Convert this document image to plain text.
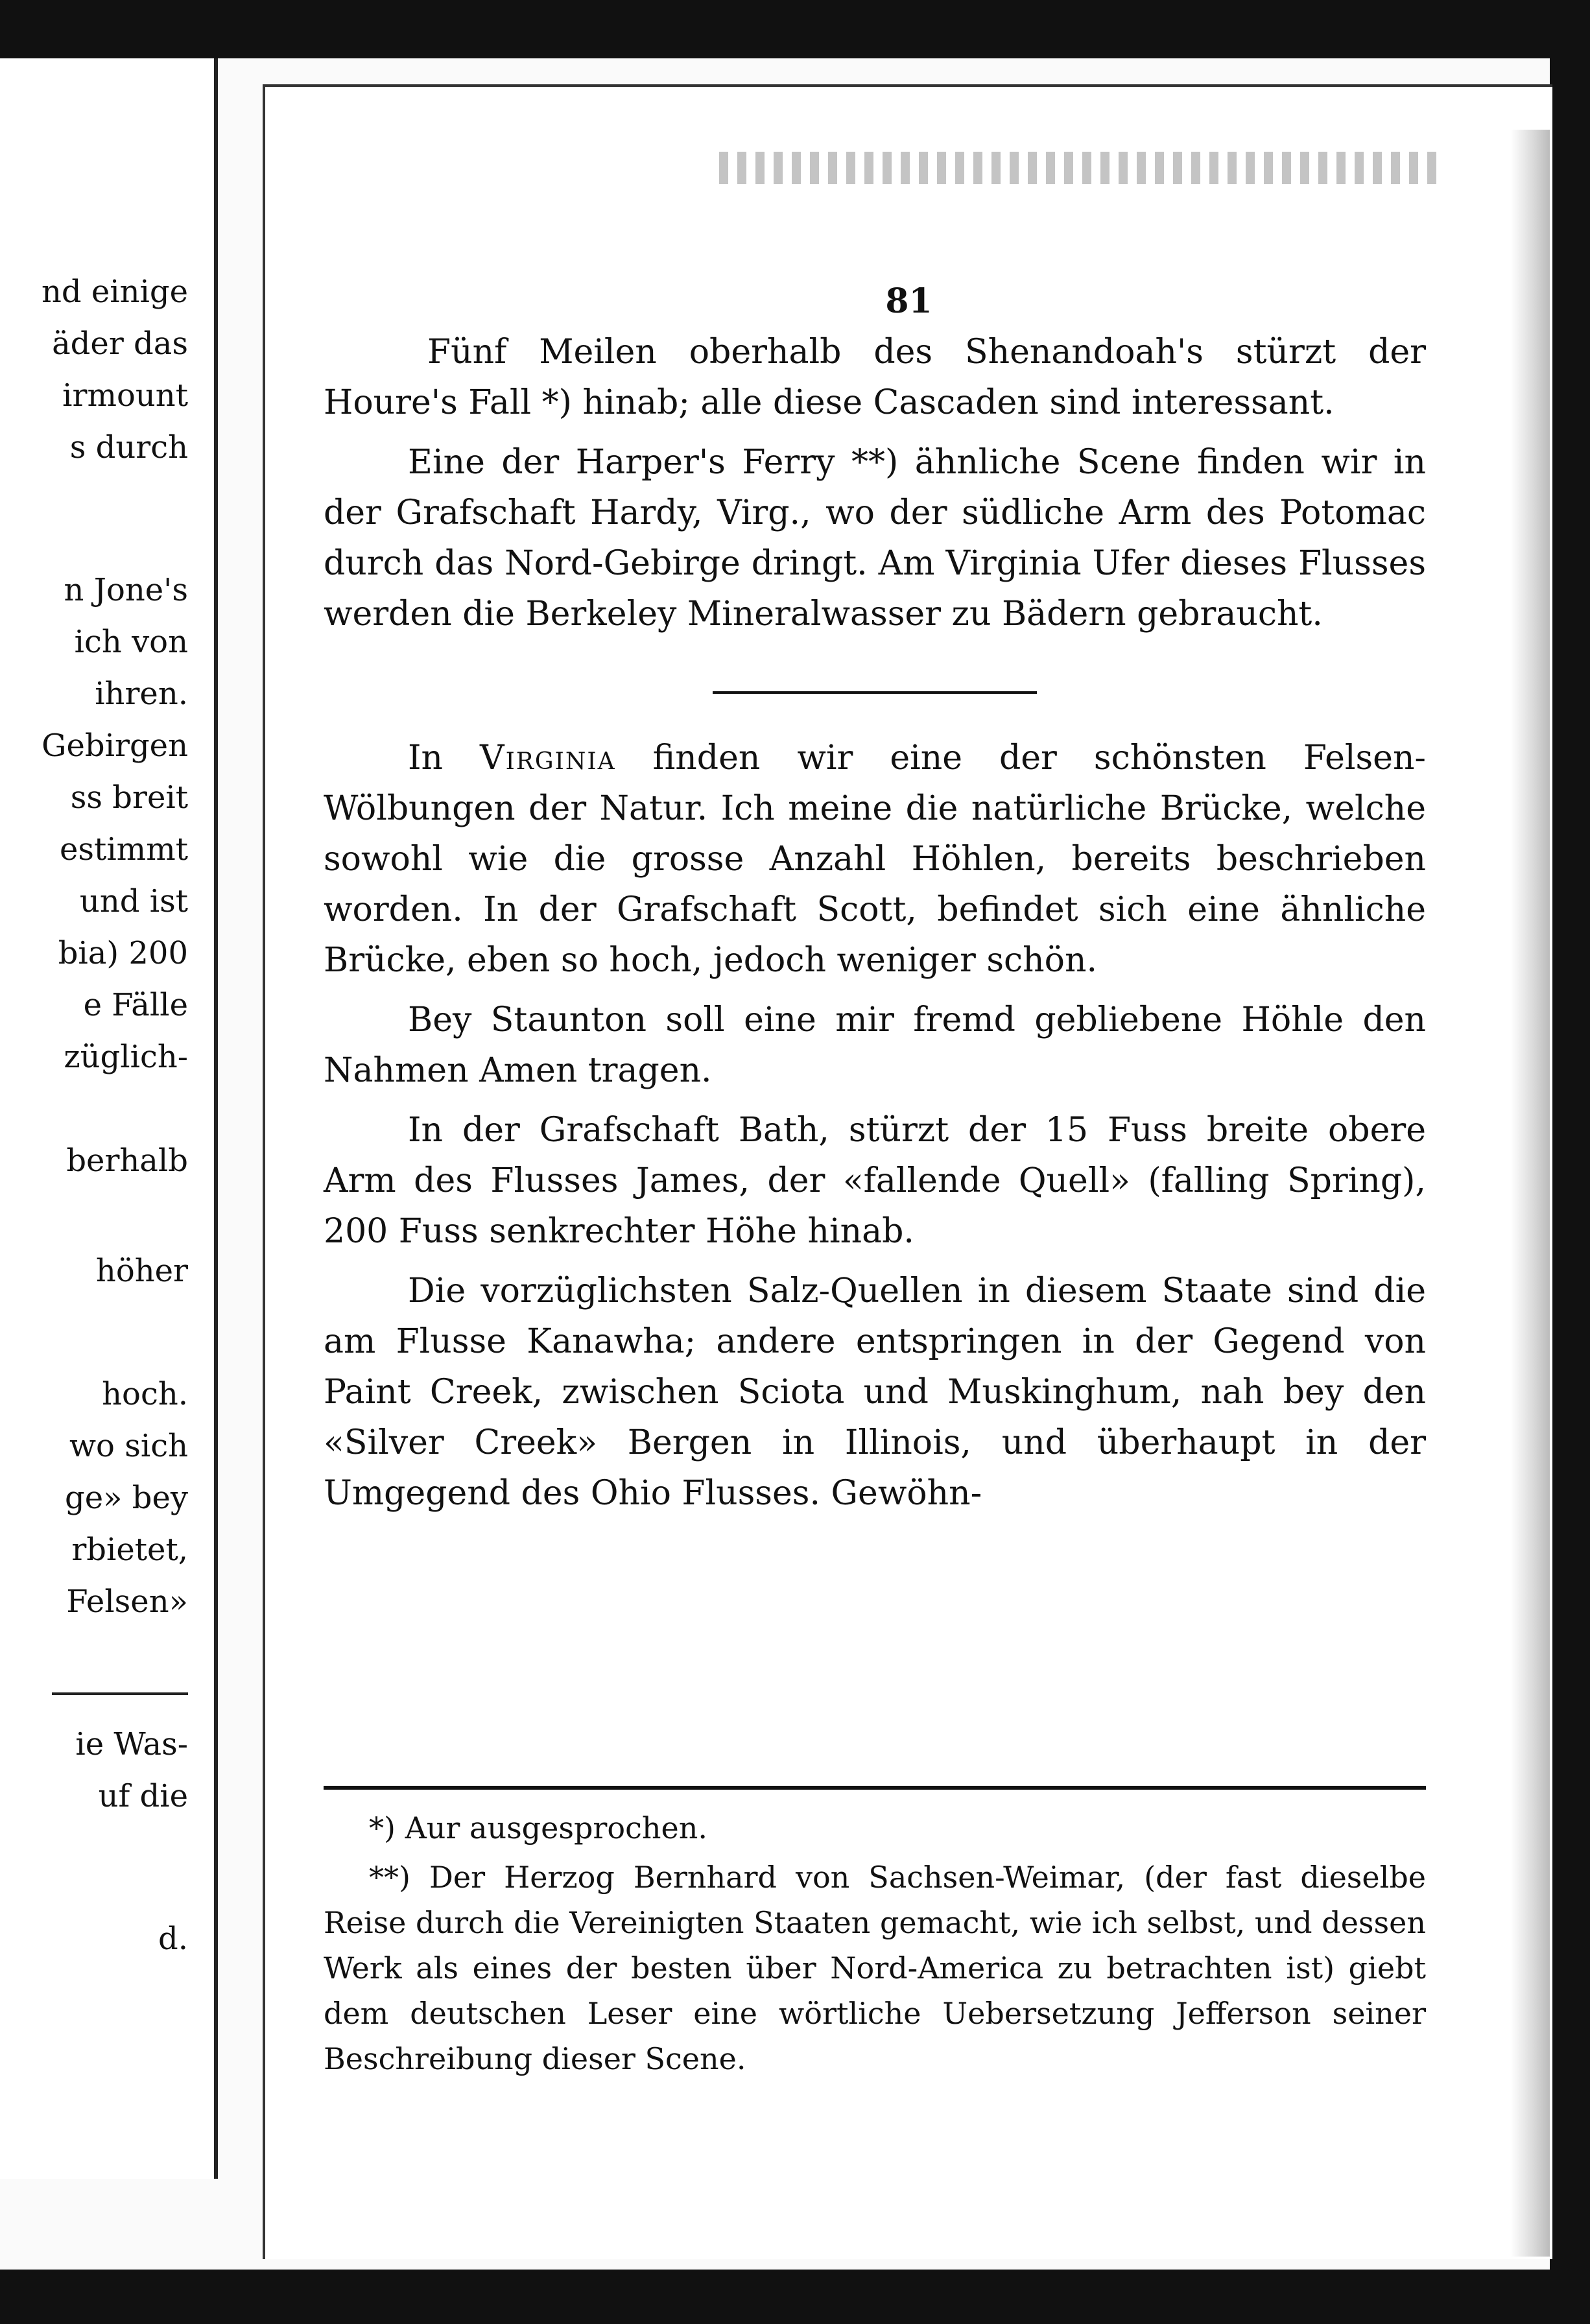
nd einige
äder das
irmount
s durch
n Jone's
ich von
ihren.
Gebirgen
ss breit
estimmt
und ist
bia) 200
e Fälle
züglich-
berhalb
höher
hoch.
wo sich
ge» bey
rbietet,
Felsen»
ie Was-
uf die
d.
81

Fünf Meilen oberhalb des Shenandoah's stürzt der Houre's Fall *) hinab; alle diese Cascaden sind interessant.

Eine der Harper's Ferry **) ähnliche Scene finden wir in der Grafschaft Hardy, Virg., wo der südliche Arm des Potomac durch das Nord-Gebirge dringt. Am Virginia Ufer dieses Flusses werden die Berkeley Mineralwasser zu Bädern gebraucht.

In Virginia finden wir eine der schönsten Felsen-Wölbungen der Natur. Ich meine die natürliche Brücke, welche sowohl wie die grosse Anzahl Höhlen, bereits beschrieben worden. In der Grafschaft Scott, befindet sich eine ähnliche Brücke, eben so hoch, jedoch weniger schön.

Bey Staunton soll eine mir fremd gebliebene Höhle den Nahmen Amen tragen.

In der Grafschaft Bath, stürzt der 15 Fuss breite obere Arm des Flusses James, der «fallende Quell» (falling Spring), 200 Fuss senkrechter Höhe hinab.

Die vorzüglichsten Salz-Quellen in diesem Staate sind die am Flusse Kanawha; andere entspringen in der Gegend von Paint Creek, zwischen Sciota und Muskinghum, nah bey den «Silver Creek» Bergen in Illinois, und überhaupt in der Umgegend des Ohio Flusses. Gewöhn-

*) Aur ausgesprochen.

**) Der Herzog Bernhard von Sachsen-Weimar, (der fast dieselbe Reise durch die Vereinigten Staaten gemacht, wie ich selbst, und dessen Werk als eines der besten über Nord-America zu betrachten ist) giebt dem deutschen Leser eine wörtliche Uebersetzung Jefferson seiner Beschreibung dieser Scene.
